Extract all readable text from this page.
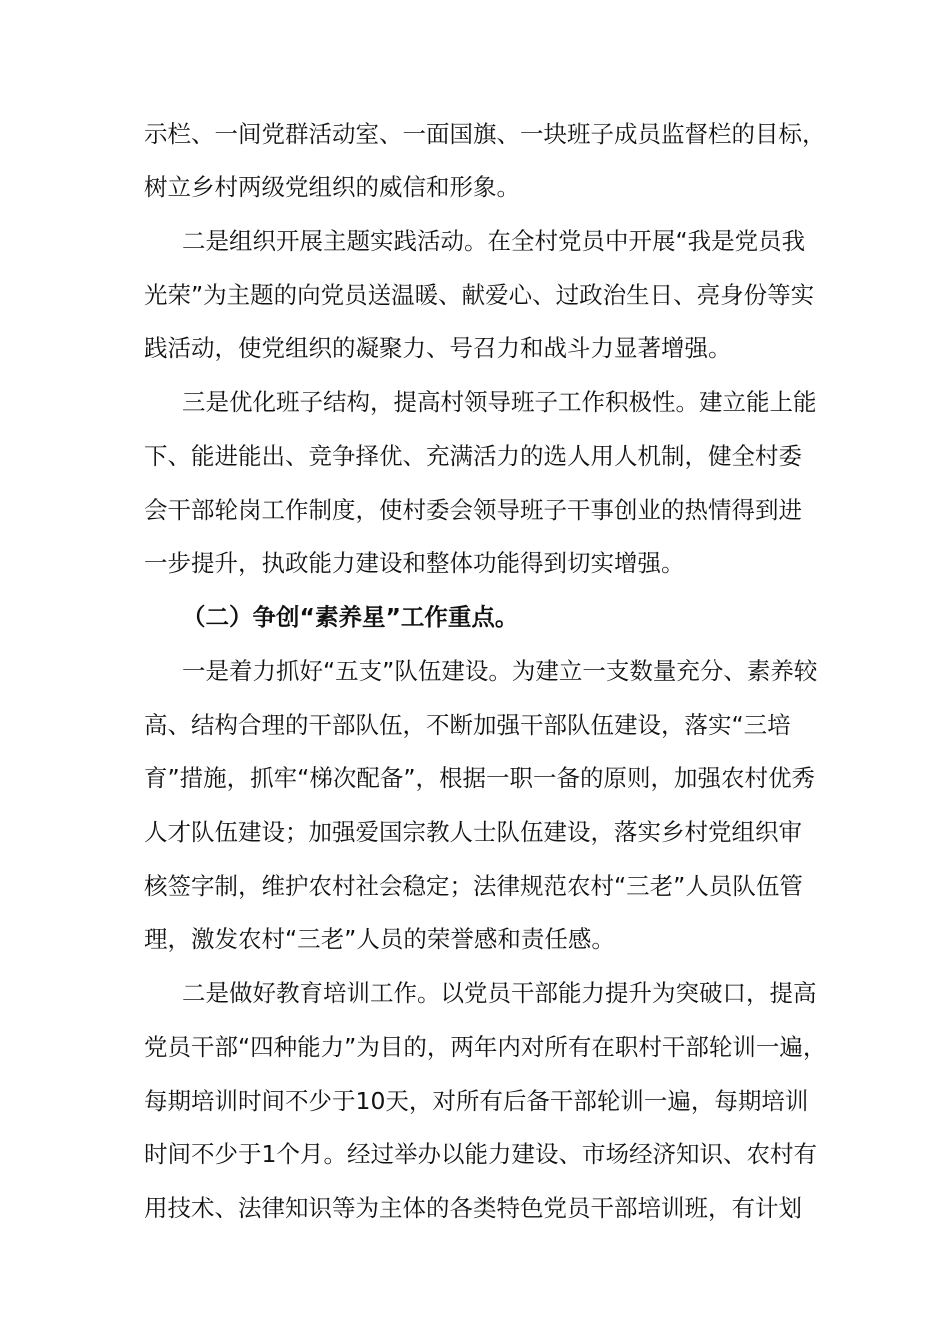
示栏、一间党群活动室、一面国旗、一块班子成员监督栏的目标，
树立乡村两级党组织的威信和形象。
二是组织开展主题实践活动。在全村党员中开展“我是党员我
光荣”为主题的向党员送温暖、献爱心、过政治生日、亮身份等实
践活动，使党组织的凝聚力、号召力和战斗力显著增强。
三是优化班子结构，提高村领导班子工作积极性。建立能上能
下、能进能出、竞争择优、充满活力的选人用人机制，健全村委
会干部轮岗工作制度，使村委会领导班子干事创业的热情得到进
一步提升，执政能力建设和整体功能得到切实增强。
（二）争创“素养星”工作重点。
一是着力抓好“五支”队伍建设。为建立一支数量充分、素养较
高、结构合理的干部队伍，不断加强干部队伍建设，落实“三培
育”措施，抓牢“梯次配备”，根据一职一备的原则，加强农村优秀
人才队伍建设；加强爱国宗教人士队伍建设，落实乡村党组织审
核签字制，维护农村社会稳定；法律规范农村“三老”人员队伍管
理，激发农村“三老”人员的荣誉感和责任感。
二是做好教育培训工作。以党员干部能力提升为突破口，提高
党员干部“四种能力”为目的，两年内对所有在职村干部轮训一遍，
每期培训时间不少于10天，对所有后备干部轮训一遍，每期培训
时间不少于1个月。经过举办以能力建设、市场经济知识、农村有
用技术、法律知识等为主体的各类特色党员干部培训班，有计划
